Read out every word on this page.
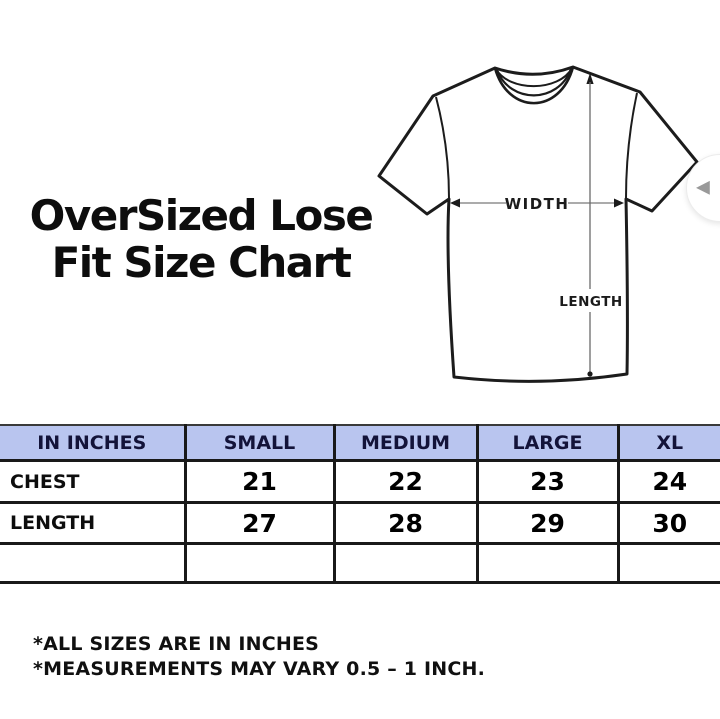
OverSized Lose
Fit Size Chart
WIDTH
LENGTH
◀
IN INCHES	SMALL	MEDIUM	LARGE	XL
CHEST	21	22	23	24
LENGTH	27	28	29	30

*ALL SIZES ARE IN INCHES
*MEASUREMENTS MAY VARY 0.5 – 1 INCH.
